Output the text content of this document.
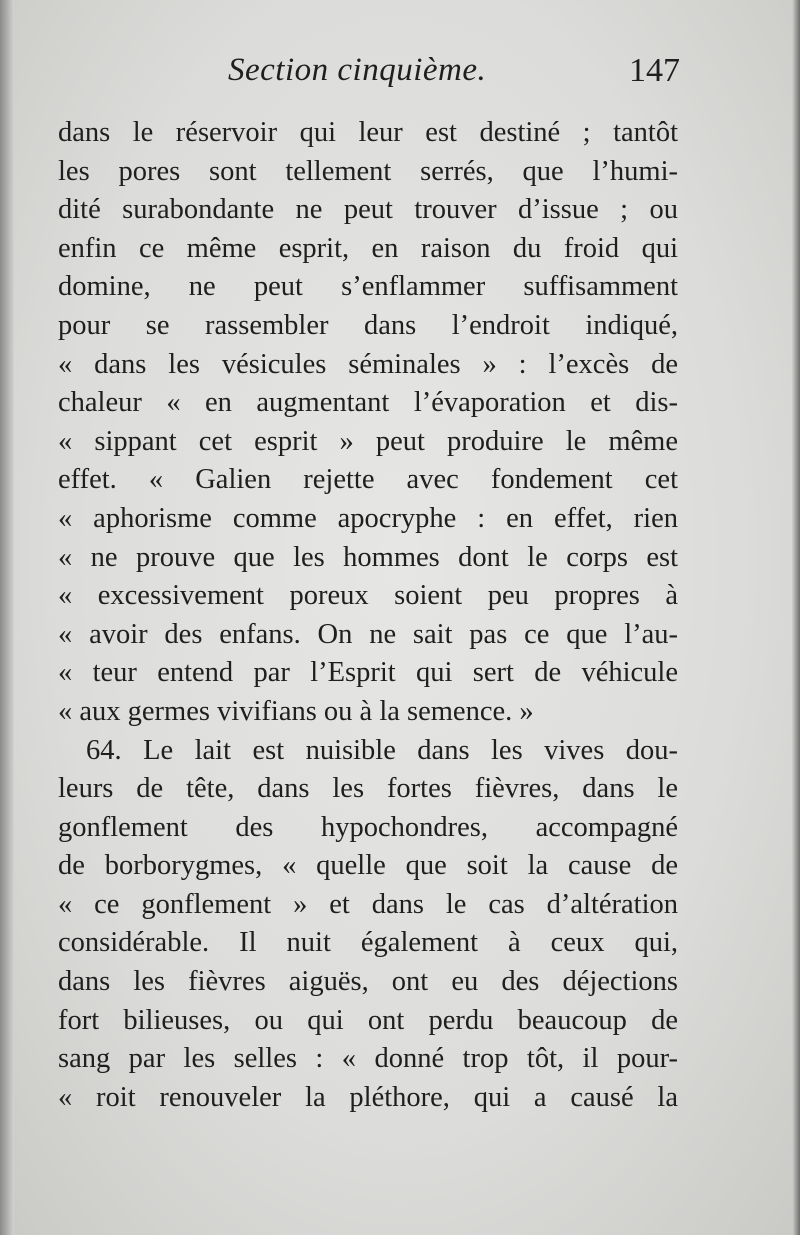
Section cinquième.	147
dans le réservoir qui leur est destiné ; tantôt
les pores sont tellement serrés, que l’humi-
dité surabondante ne peut trouver d’issue ; ou
enfin ce même esprit, en raison du froid qui
domine, ne peut s’enflammer suffisamment
pour se rassembler dans l’endroit indiqué,
« dans les vésicules séminales » : l’excès de
chaleur « en augmentant l’évaporation et dis-
« sippant cet esprit » peut produire le même
effet. « Galien rejette avec fondement cet
« aphorisme comme apocryphe : en effet, rien
« ne prouve que les hommes dont le corps est
« excessivement poreux soient peu propres à
« avoir des enfans. On ne sait pas ce que l’au-
« teur entend par l’Esprit qui sert de véhicule
« aux germes vivifians ou à la semence. »
64. Le lait est nuisible dans les vives dou-
leurs de tête, dans les fortes fièvres, dans le
gonflement des hypochondres, accompagné
de borborygmes, « quelle que soit la cause de
« ce gonflement » et dans le cas d’altération
considérable. Il nuit également à ceux qui,
dans les fièvres aiguës, ont eu des déjections
fort bilieuses, ou qui ont perdu beaucoup de
sang par les selles : « donné trop tôt, il pour-
« roit renouveler la pléthore, qui a causé la
